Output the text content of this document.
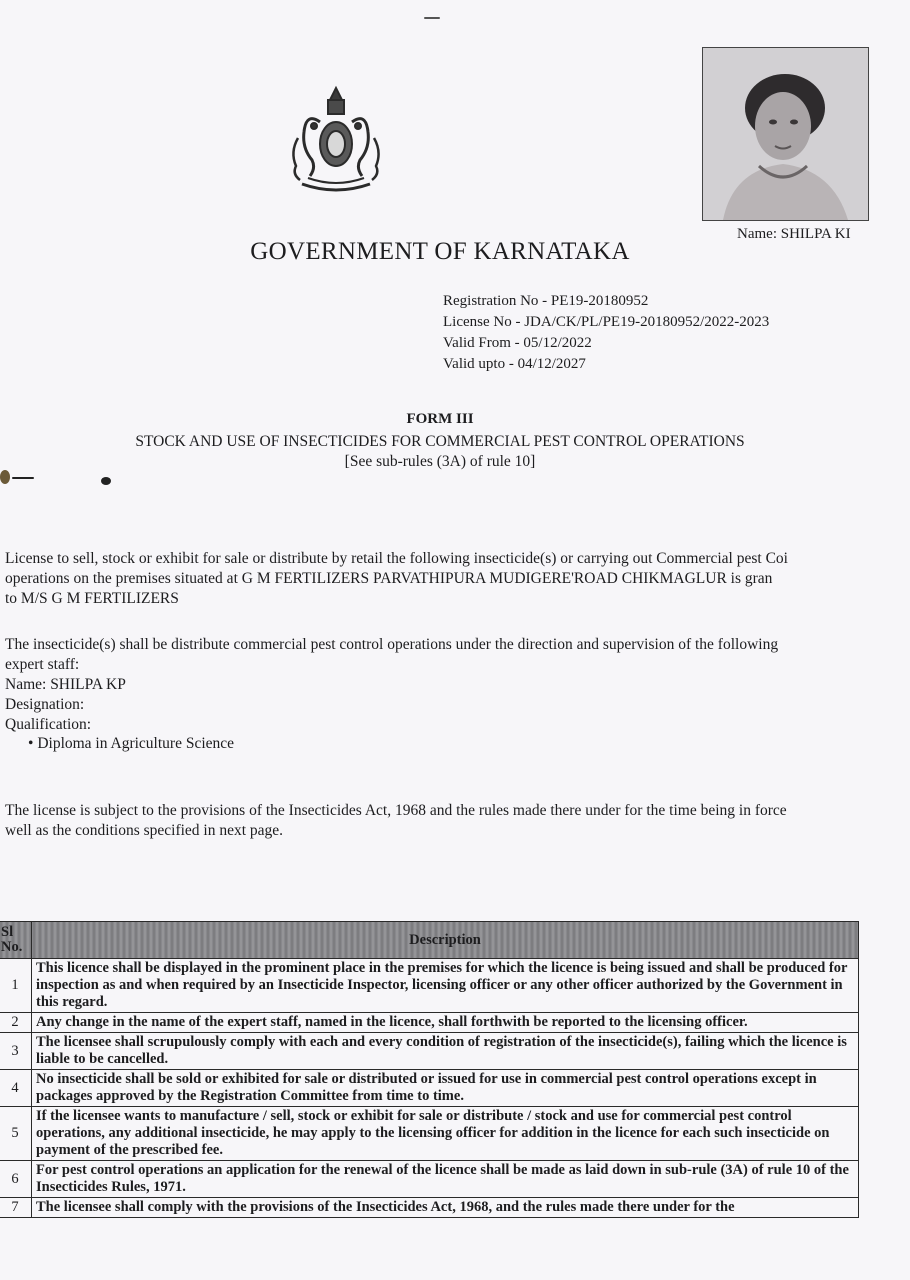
Name: SHILPA KI
GOVERNMENT OF KARNATAKA
Registration No - PE19-20180952
License No - JDA/CK/PL/PE19-20180952/2022-2023
Valid From - 05/12/2022
Valid upto - 04/12/2027
FORM III
STOCK AND USE OF INSECTICIDES FOR COMMERCIAL PEST CONTROL OPERATIONS
[See sub-rules (3A) of rule 10]
License to sell, stock or exhibit for sale or distribute by retail the following insecticide(s) or carrying out Commercial pest Coi
operations on the premises situated at G M FERTILIZERS PARVATHIPURA MUDIGERE'ROAD CHIKMAGLUR is gran
to M/S G M FERTILIZERS
The insecticide(s) shall be distribute commercial pest control operations under the direction and supervision of the following
expert staff:
Name: SHILPA KP
Designation:
Qualification:
• Diploma in Agriculture Science
The license is subject to the provisions of the Insecticides Act, 1968 and the rules made there under for the time being in force
well as the conditions specified in next page.
Sl
No.	Description
1	This licence shall be displayed in the prominent place in the premises for which the licence is being issued and shall be produced for inspection as and when required by an Insecticide Inspector, licensing officer or any other officer authorized by the Government in this regard.
2	Any change in the name of the expert staff, named in the licence, shall forthwith be reported to the licensing officer.
3	The licensee shall scrupulously comply with each and every condition of registration of the insecticide(s), failing which the licence is liable to be cancelled.
4	No insecticide shall be sold or exhibited for sale or distributed or issued for use in commercial pest control operations except in packages approved by the Registration Committee from time to time.
5	If the licensee wants to manufacture / sell, stock or exhibit for sale or distribute / stock and use for commercial pest control operations, any additional insecticide, he may apply to the licensing officer for addition in the licence for each such insecticide on payment of the prescribed fee.
6	For pest control operations an application for the renewal of the licence shall be made as laid down in sub-rule (3A) of rule 10 of the Insecticides Rules, 1971.
7	The licensee shall comply with the provisions of the Insecticides Act, 1968, and the rules made there under for the
